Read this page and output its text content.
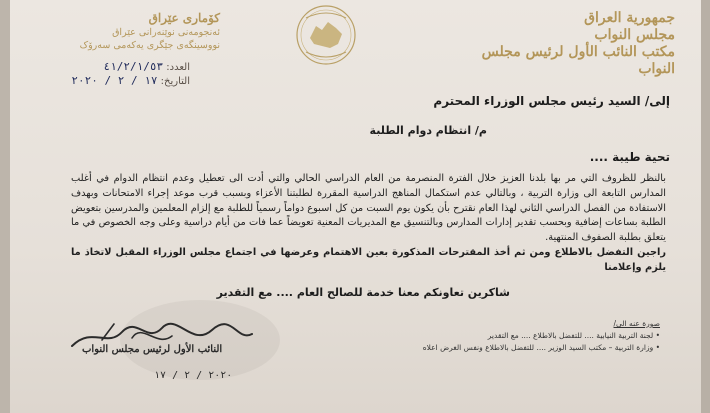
جمهورية العراق
مجلس النواب
مكتب النائب الأول لرئيس مجلس النواب
كۆماری عێراق
ئەنجومەنی نوێنەرانی عێراق
نووسینگەی جێگری یەکەمی سەرۆک
العدد: ٤١/٢/١/٥٣
التاريخ: ١٧ / ٢ / ٢٠٢٠
إلى/ السيد رئيس مجلس الوزراء المحترم
م/ انتظام دوام الطلبة
تحية طيبة ....

بالنظر للظروف التي مر بها بلدنا العزيز خلال الفترة المنصرمة من العام الدراسي الحالي والتي أدت الى تعطيل وعدم انتظام الدوام في أغلب المدارس التابعة الى وزارة التربية ، وبالتالي عدم استكمال المناهج الدراسية المقررة لطلبتنا الأعزاء وبسبب قرب موعد إجراء الامتحانات وبهدف الاستفادة من الفصل الدراسي الثاني لهذا العام نقترح بأن يكون يوم السبت من كل اسبوع دواماً رسمياً للطلبة مع إلزام المعلمين والمدرسين بتعويض الطلبة بساعات إضافية وبحسب تقدير إدارات المدارس وبالتنسيق مع المديريات المعنية تعويضاً عما فات من أيام دراسية وعلى وجه الخصوص في ما يتعلق بطلبة الصفوف المنتهية.

راجين التفضل بالاطلاع ومن ثم أخذ المقترحات المذكورة بعين الاهتمام وعرضها في اجتماع مجلس الوزراء المقبل لاتخاذ ما يلزم وإعلامنا

شاكرين تعاونكم معنا خدمة للصالح العام .... مع التقدير
صورة عنه الى/
• لجنة التربية النيابية .... للتفضل بالاطلاع .... مع التقدير
• وزارة التربية – مكتب السيد الوزير .... للتفضل بالاطلاع ونفس الغرض اعلاه
النائب الأول لرئيس مجلس النواب
٢٠٢٠ / ٢ / ١٧
